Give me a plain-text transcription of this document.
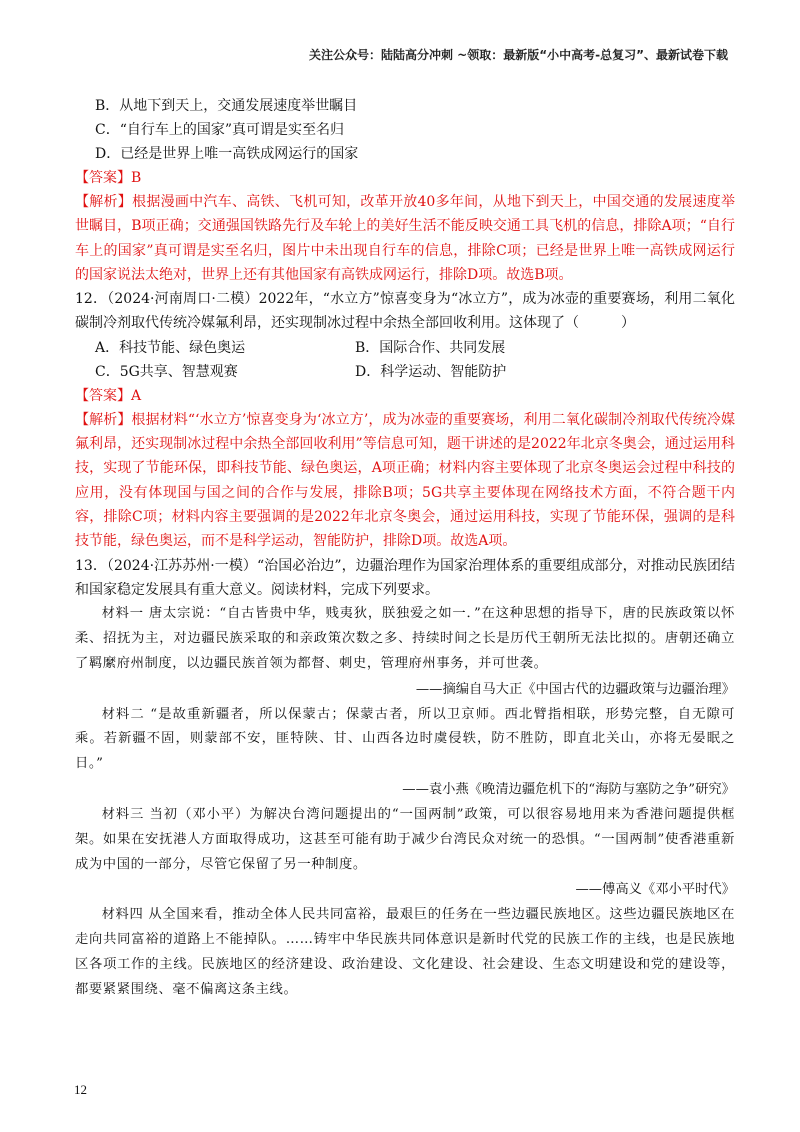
关注公众号：陆陆高分冲刺 ~领取：最新版“小中高考-总复习”、最新试卷下载
B．从地下到天上，交通发展速度举世瞩目
C．“自行车上的国家”真可谓是实至名归
D．已经是世界上唯一高铁成网运行的国家
【答案】B
【解析】根据漫画中汽车、高铁、飞机可知，改革开放40多年间，从地下到天上，中国交通的发展速度举世瞩目，B项正确；交通强国铁路先行及车轮上的美好生活不能反映交通工具飞机的信息，排除A项；“自行车上的国家”真可谓是实至名归，图片中未出现自行车的信息，排除C项；已经是世界上唯一高铁成网运行的国家说法太绝对，世界上还有其他国家有高铁成网运行，排除D项。故选B项。
12．（2024·河南周口·二模）2022年，“水立方”惊喜变身为“冰立方”，成为冰壶的重要赛场，利用二氧化碳制冷剂取代传统冷媒氟利昂，还实现制冰过程中余热全部回收利用。这体现了（　　　）
A．科技节能、绿色奥运	B．国际合作、共同发展
C．5G共享、智慧观赛	D．科学运动、智能防护
【答案】A
【解析】根据材料“‘水立方’惊喜变身为‘冰立方’，成为冰壶的重要赛场，利用二氧化碳制冷剂取代传统冷媒氟利昂，还实现制冰过程中余热全部回收利用”等信息可知，题干讲述的是2022年北京冬奥会，通过运用科技，实现了节能环保，即科技节能、绿色奥运，A项正确；材料内容主要体现了北京冬奥运会过程中科技的应用，没有体现国与国之间的合作与发展，排除B项；5G共享主要体现在网络技术方面，不符合题干内容，排除C项；材料内容主要强调的是2022年北京冬奥会，通过运用科技，实现了节能环保，强调的是科技节能，绿色奥运，而不是科学运动，智能防护，排除D项。故选A项。
13．（2024·江苏苏州·一模）“治国必治边”，边疆治理作为国家治理体系的重要组成部分，对推动民族团结和国家稳定发展具有重大意义。阅读材料，完成下列要求。
材料一 唐太宗说：“自古皆贵中华，贱夷狄，朕独爱之如一．”在这种思想的指导下，唐的民族政策以怀柔、招抚为主，对边疆民族采取的和亲政策次数之多、持续时间之长是历代王朝所无法比拟的。唐朝还确立了羁縻府州制度，以边疆民族首领为都督、刺史，管理府州事务，并可世袭。
——摘编自马大正《中国古代的边疆政策与边疆治理》
材料二 “是故重新疆者，所以保蒙古；保蒙古者，所以卫京师。西北臂指相联，形势完整，自无隙可乘。若新疆不固，则蒙部不安，匪特陕、甘、山西各边时虞侵轶，防不胜防，即直北关山，亦将无晏眠之日。”
——袁小燕《晚清边疆危机下的“海防与塞防之争”研究》
材料三 当初（邓小平）为解决台湾问题提出的“一国两制”政策，可以很容易地用来为香港问题提供框架。如果在安抚港人方面取得成功，这甚至可能有助于减少台湾民众对统一的恐惧。“一国两制”使香港重新成为中国的一部分，尽管它保留了另一种制度。
——傅高义《邓小平时代》
材料四 从全国来看，推动全体人民共同富裕，最艰巨的任务在一些边疆民族地区。这些边疆民族地区在走向共同富裕的道路上不能掉队。……铸牢中华民族共同体意识是新时代党的民族工作的主线，也是民族地区各项工作的主线。民族地区的经济建设、政治建设、文化建设、社会建设、生态文明建设和党的建设等，都要紧紧围绕、毫不偏离这条主线。
12
